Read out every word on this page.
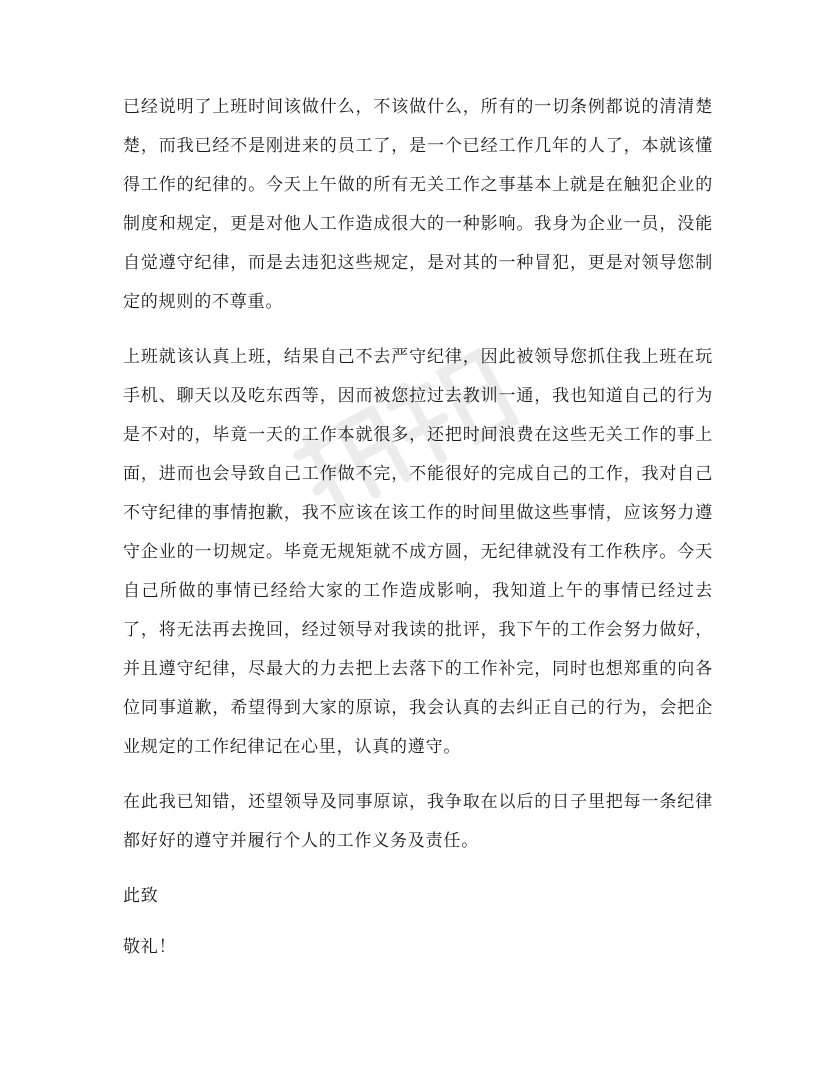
已经说明了上班时间该做什么，不该做什么，所有的一切条例都说的清清楚楚，而我已经不是刚进来的员工了，是一个已经工作几年的人了，本就该懂得工作的纪律的。今天上午做的所有无关工作之事基本上就是在触犯企业的制度和规定，更是对他人工作造成很大的一种影响。我身为企业一员，没能自觉遵守纪律，而是去违犯这些规定，是对其的一种冒犯，更是对领导您制定的规则的不尊重。

上班就该认真上班，结果自己不去严守纪律，因此被领导您抓住我上班在玩手机、聊天以及吃东西等，因而被您拉过去教训一通，我也知道自己的行为是不对的，毕竟一天的工作本就很多，还把时间浪费在这些无关工作的事上面，进而也会导致自己工作做不完，不能很好的完成自己的工作，我对自己不守纪律的事情抱歉，我不应该在该工作的时间里做这些事情，应该努力遵守企业的一切规定。毕竟无规矩就不成方圆，无纪律就没有工作秩序。今天自己所做的事情已经给大家的工作造成影响，我知道上午的事情已经过去了，将无法再去挽回，经过领导对我读的批评，我下午的工作会努力做好，并且遵守纪律，尽最大的力去把上去落下的工作补完，同时也想郑重的向各位同事道歉，希望得到大家的原谅，我会认真的去纠正自己的行为，会把企业规定的工作纪律记在心里，认真的遵守。

在此我已知错，还望领导及同事原谅，我争取在以后的日子里把每一条纪律都好好的遵守并履行个人的工作义务及责任。

此致

敬礼！
